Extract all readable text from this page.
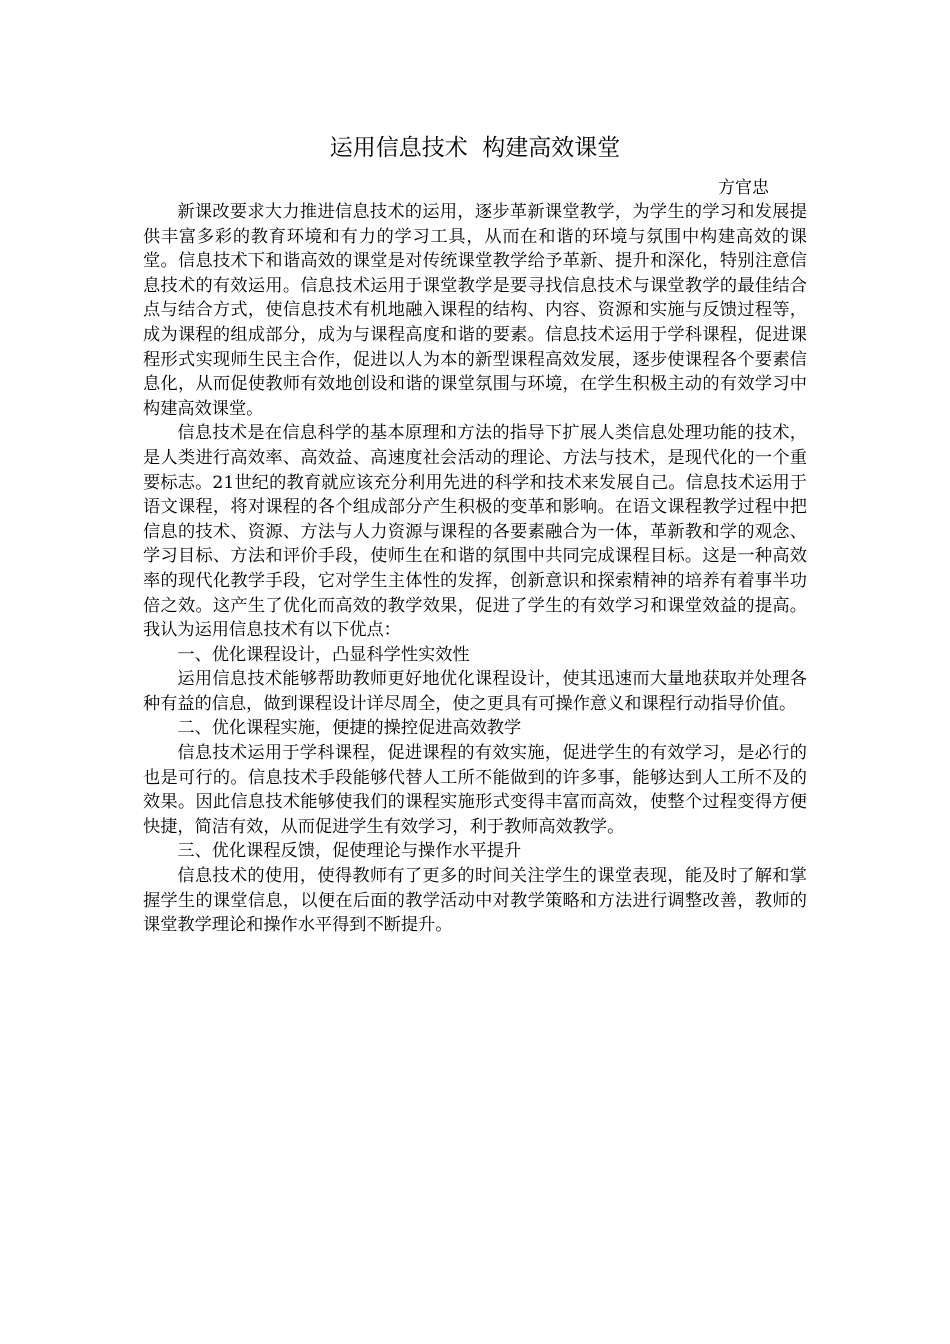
运用信息技术  构建高效课堂

方官忠

新课改要求大力推进信息技术的运用，逐步革新课堂教学，为学生的学习和发展提供丰富多彩的教育环境和有力的学习工具，从而在和谐的环境与氛围中构建高效的课堂。信息技术下和谐高效的课堂是对传统课堂教学给予革新、提升和深化，特别注意信息技术的有效运用。信息技术运用于课堂教学是要寻找信息技术与课堂教学的最佳结合点与结合方式，使信息技术有机地融入课程的结构、内容、资源和实施与反馈过程等，成为课程的组成部分，成为与课程高度和谐的要素。信息技术运用于学科课程，促进课程形式实现师生民主合作，促进以人为本的新型课程高效发展，逐步使课程各个要素信息化，从而促使教师有效地创设和谐的课堂氛围与环境，在学生积极主动的有效学习中构建高效课堂。

信息技术是在信息科学的基本原理和方法的指导下扩展人类信息处理功能的技术，是人类进行高效率、高效益、高速度社会活动的理论、方法与技术，是现代化的一个重要标志。21世纪的教育就应该充分利用先进的科学和技术来发展自己。信息技术运用于语文课程，将对课程的各个组成部分产生积极的变革和影响。在语文课程教学过程中把信息的技术、资源、方法与人力资源与课程的各要素融合为一体，革新教和学的观念、学习目标、方法和评价手段，使师生在和谐的氛围中共同完成课程目标。这是一种高效率的现代化教学手段，它对学生主体性的发挥，创新意识和探索精神的培养有着事半功倍之效。这产生了优化而高效的教学效果，促进了学生的有效学习和课堂效益的提高。我认为运用信息技术有以下优点：

一、优化课程设计，凸显科学性实效性

运用信息技术能够帮助教师更好地优化课程设计，使其迅速而大量地获取并处理各种有益的信息，做到课程设计详尽周全，使之更具有可操作意义和课程行动指导价值。

二、优化课程实施，便捷的操控促进高效教学

信息技术运用于学科课程，促进课程的有效实施，促进学生的有效学习，是必行的也是可行的。信息技术手段能够代替人工所不能做到的许多事，能够达到人工所不及的效果。因此信息技术能够使我们的课程实施形式变得丰富而高效，使整个过程变得方便快捷，简洁有效，从而促进学生有效学习，利于教师高效教学。

三、优化课程反馈，促使理论与操作水平提升

信息技术的使用，使得教师有了更多的时间关注学生的课堂表现，能及时了解和掌握学生的课堂信息，以便在后面的教学活动中对教学策略和方法进行调整改善，教师的课堂教学理论和操作水平得到不断提升。
